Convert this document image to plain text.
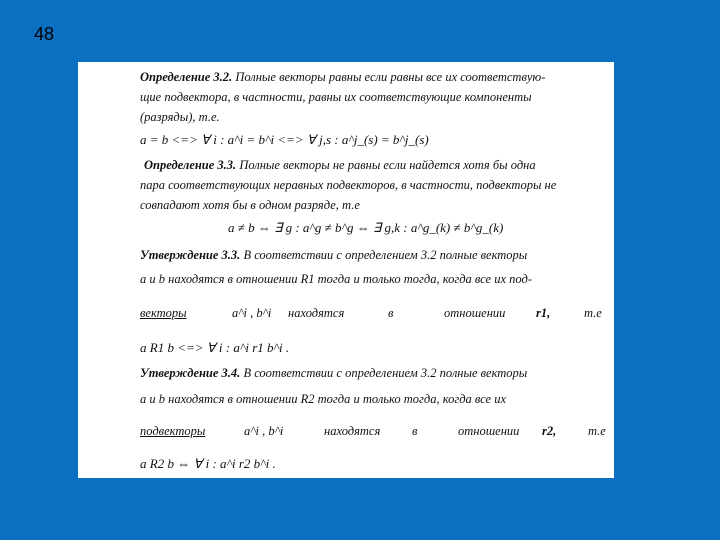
48
Определение 3.2. Полные векторы равны если равны все их соответствую-
щие подвектора, в частности, равны их соответствующие компоненты
(разряды), т.е.
a = b <=> ∀ i : a^i = b^i <=> ∀ j,s : a^j_(s) = b^j_(s)
Определение 3.3. Полные векторы не равны если найдется хотя бы одна
пара соответствующих неравных подвекторов, в частности, подвекторы не
совпадают хотя бы в одном разряде, т.е
a ≠ b ⇔ ∃ g : a^g ≠ b^g ⇔ ∃ g,k : a^g_(k) ≠ b^g_(k)
Утверждение 3.3. В соответствии с определением 3.2 полные векторы
a и b находятся в отношении R1 тогда и только тогда, когда все их под-
векторы	a^i , b^i находятся	в	отношении r1,	т.е
a R1 b <=> ∀ i : a^i r1 b^i .
Утверждение 3.4. В соответствии с определением 3.2 полные векторы
a и b находятся в отношении R2 тогда и только тогда, когда все их
подвекторы	a^i , b^i	находятся	в	отношении r2,	т.е
a R2 b ⇔ ∀ i : a^i r2 b^i .
